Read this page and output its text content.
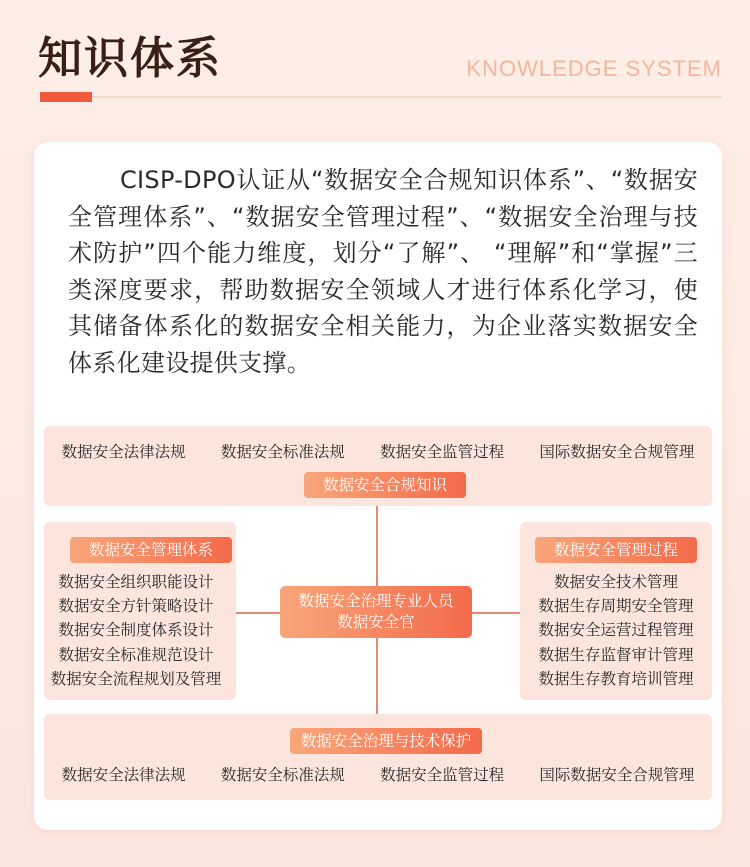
知识体系	KNOWLEDGE SYSTEM

CISP-DPO认证从“数据安全合规知识体系”、“数据安全管理体系”、“数据安全管理过程”、“数据安全治理与技术防护”四个能力维度，划分“了解”、 “理解”和“掌握”三类深度要求，帮助数据安全领域人才进行体系化学习，使其储备体系化的数据安全相关能力，为企业落实数据安全体系化建设提供支撑。

数据安全法律法规 数据安全标准法规 数据安全监管过程 国际数据安全合规管理
数据安全合规知识
数据安全管理体系
数据安全组织职能设计
数据安全方针策略设计
数据安全制度体系设计
数据安全标准规范设计
数据安全流程规划及管理
数据安全治理专业人员
数据安全官
数据安全管理过程
数据安全技术管理
数据生存周期安全管理
数据安全运营过程管理
数据生存监督审计管理
数据生存教育培训管理
数据安全治理与技术保护
数据安全法律法规 数据安全标准法规 数据安全监管过程 国际数据安全合规管理
